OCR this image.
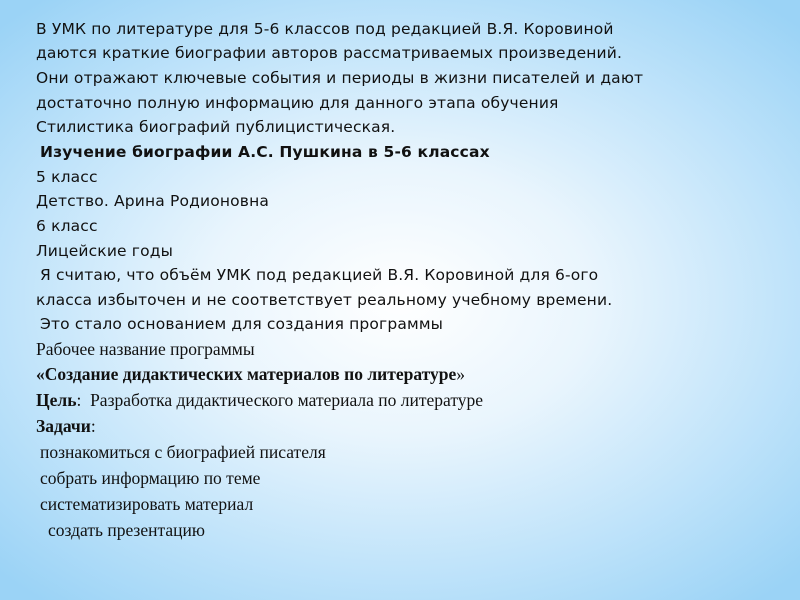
В УМК по литературе для 5-6 классов под редакцией В.Я. Коровиной

даются краткие биографии авторов рассматриваемых произведений.

Они отражают ключевые события и периоды в жизни писателей и дают

достаточно полную информацию для данного этапа обучения

Стилистика биографий публицистическая.

Изучение биографии А.С. Пушкина в 5-6 классах

5 класс

Детство. Арина Родионовна

6 класс

Лицейские годы

Я считаю, что объём УМК под редакцией В.Я. Коровиной для 6-ого

класса избыточен и не соответствует реальному учебному времени.

Это стало основанием для создания программы

Рабочее название программы

«Создание дидактических материалов по литературе»

Цель:  Разработка дидактического материала по литературе

Задачи:

познакомиться с биографией писателя

собрать информацию по теме

систематизировать материал

создать презентацию
